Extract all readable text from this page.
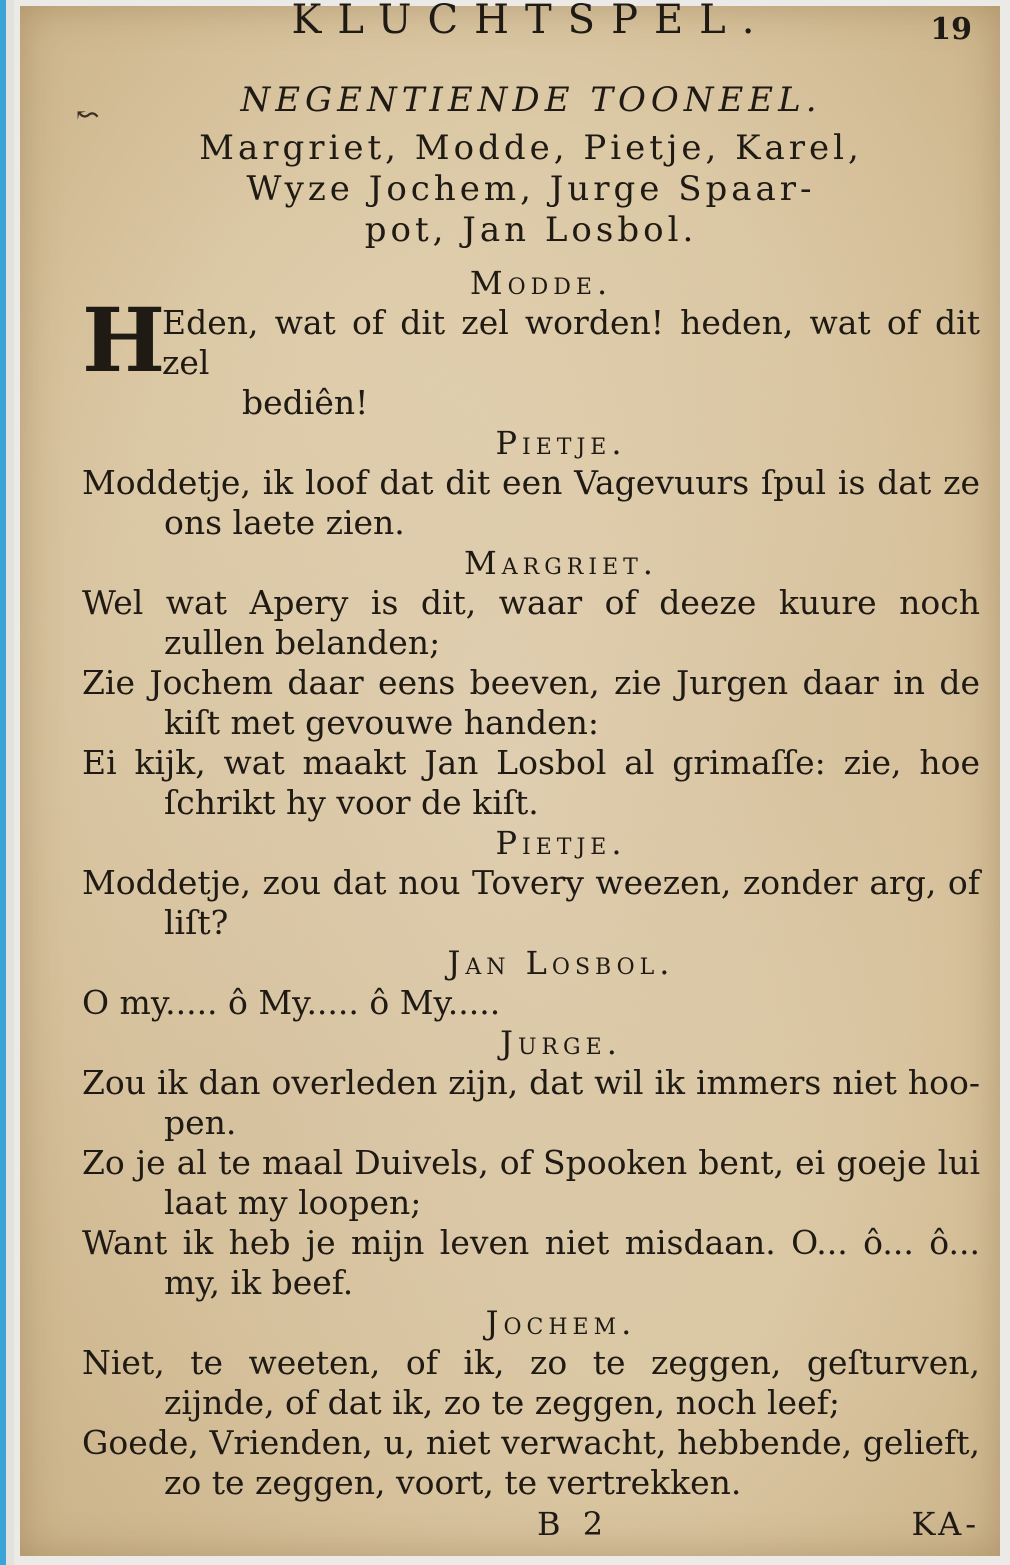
↜
KLUCHTSPEL.	19
NEGENTIENDE TOONEEL.
Margriet, Modde, Pietje, Karel,
Wyze Jochem, Jurge Spaar-
pot, Jan Losbol.
Modde.

H
Eden, wat of dit zel worden! heden, wat of dit zel
bediên!

Pietje.

Moddetje, ik loof dat dit een Vagevuurs ſpul is dat ze ons laete zien.

Margriet.

Wel wat Apery is dit, waar of deeze kuure noch zullen belanden;

Zie Jochem daar eens beeven, zie Jurgen daar in de kiſt met gevouwe handen:

Ei kijk, wat maakt Jan Losbol al grimaſſe: zie, hoe ſchrikt hy voor de kiſt.

Pietje.

Moddetje, zou dat nou Tovery weezen, zonder arg, of liſt?

Jan Losbol.

O my..... ô My..... ô My.....

Jurge.

Zou ik dan overleden zijn, dat wil ik immers niet hoo-pen.

Zo je al te maal Duivels, of Spooken bent, ei goeje lui laat my loopen;

Want ik heb je mijn leven niet misdaan. O... ô... ô... my, ik beef.

Jochem.

Niet, te weeten, of ik, zo te zeggen, geſturven, zijnde, of dat ik, zo te zeggen, noch leef;

Goede, Vrienden, u, niet verwacht, hebbende, gelieft, zo te zeggen, voort, te vertrekken.

B 2	KA-
